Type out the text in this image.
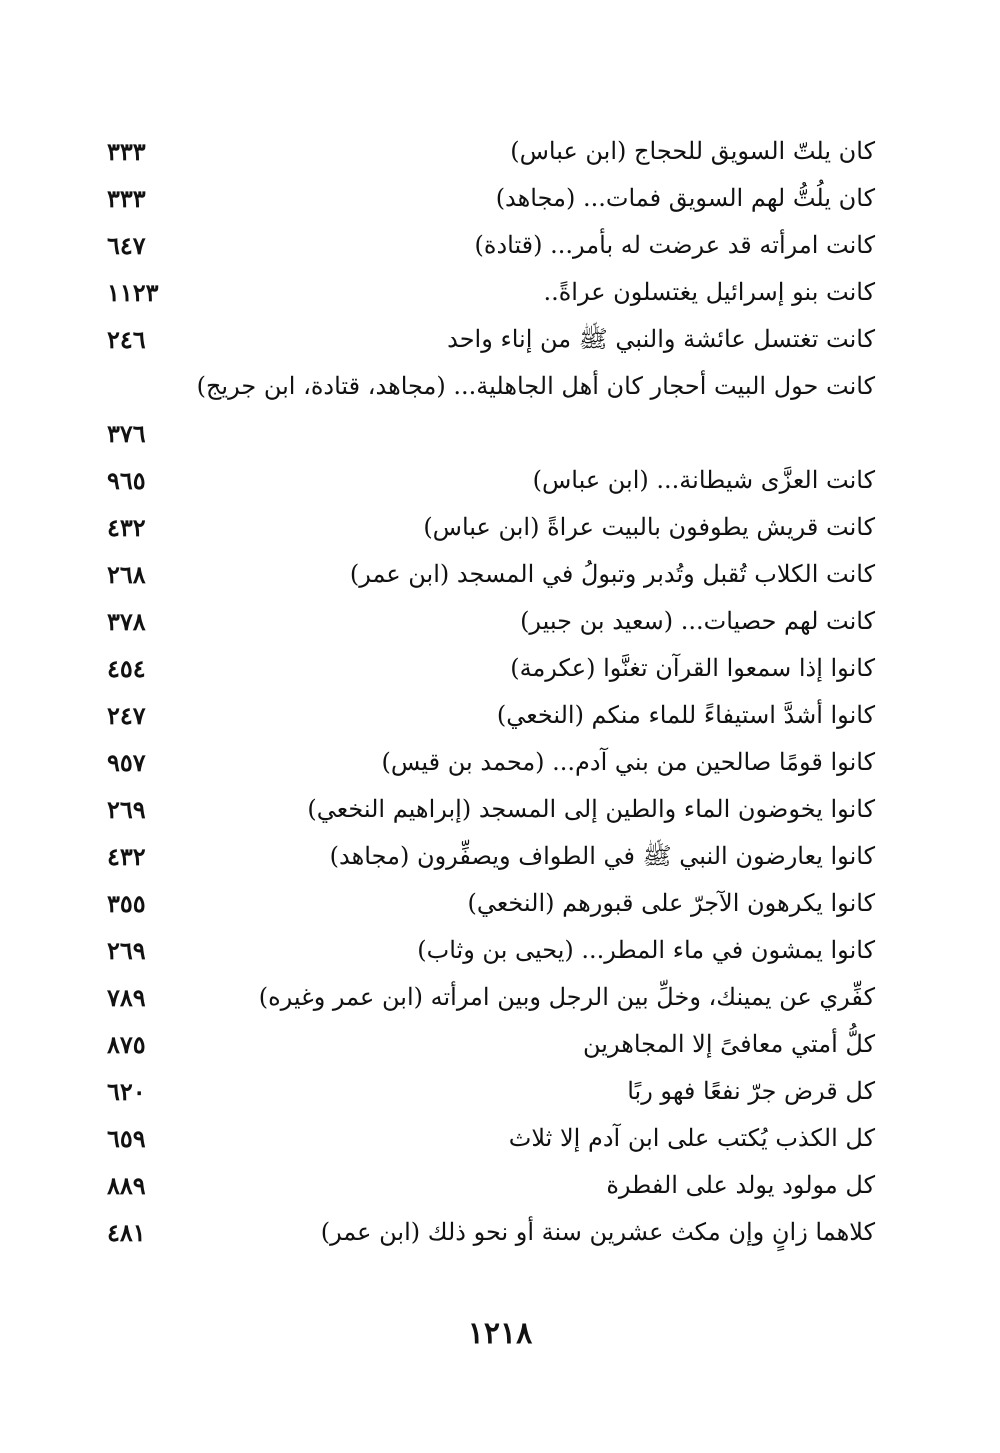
كان يلتّ السويق للحجاج (ابن عباس)
٣٣٣
كان يلُتُّ لهم السويق فمات... (مجاهد)
٣٣٣
كانت امرأته قد عرضت له بأمر... (قتادة)
٦٤٧
كانت بنو إسرائيل يغتسلون عراةً..
١١٢٣
كانت تغتسل عائشة والنبي ﷺ من إناء واحد
٢٤٦
كانت حول البيت أحجار كان أهل الجاهلية... (مجاهد، قتادة، ابن جريج)
٣٧٦
كانت العزَّى شيطانة... (ابن عباس)
٩٦٥
كانت قريش يطوفون بالبيت عراةً (ابن عباس)
٤٣٢
كانت الكلاب تُقبل وتُدبر وتبولُ في المسجد (ابن عمر)
٢٦٨
كانت لهم حصيات... (سعيد بن جبير)
٣٧٨
كانوا إذا سمعوا القرآن تغنَّوا (عكرمة)
٤٥٤
كانوا أشدَّ استيفاءً للماء منكم (النخعي)
٢٤٧
كانوا قومًا صالحين من بني آدم... (محمد بن قيس)
٩٥٧
كانوا يخوضون الماء والطين إلى المسجد (إبراهيم النخعي)
٢٦٩
كانوا يعارضون النبي ﷺ في الطواف ويصفِّرون (مجاهد)
٤٣٢
كانوا يكرهون الآجرّ على قبورهم (النخعي)
٣٥٥
كانوا يمشون في ماء المطر... (يحيى بن وثاب)
٢٦٩
كفِّري عن يمينك، وخلِّ بين الرجل وبين امرأته (ابن عمر وغيره)
٧٨٩
كلُّ أمتي معافىً إلا المجاهرين
٨٧٥
كل قرض جرّ نفعًا فهو ربًا
٦٢٠
كل الكذب يُكتب على ابن آدم إلا ثلاث
٦٥٩
كل مولود يولد على الفطرة
٨٨٩
كلاهما زانٍ وإن مكث عشرين سنة أو نحو ذلك (ابن عمر)
٤٨١
١٢١٨
